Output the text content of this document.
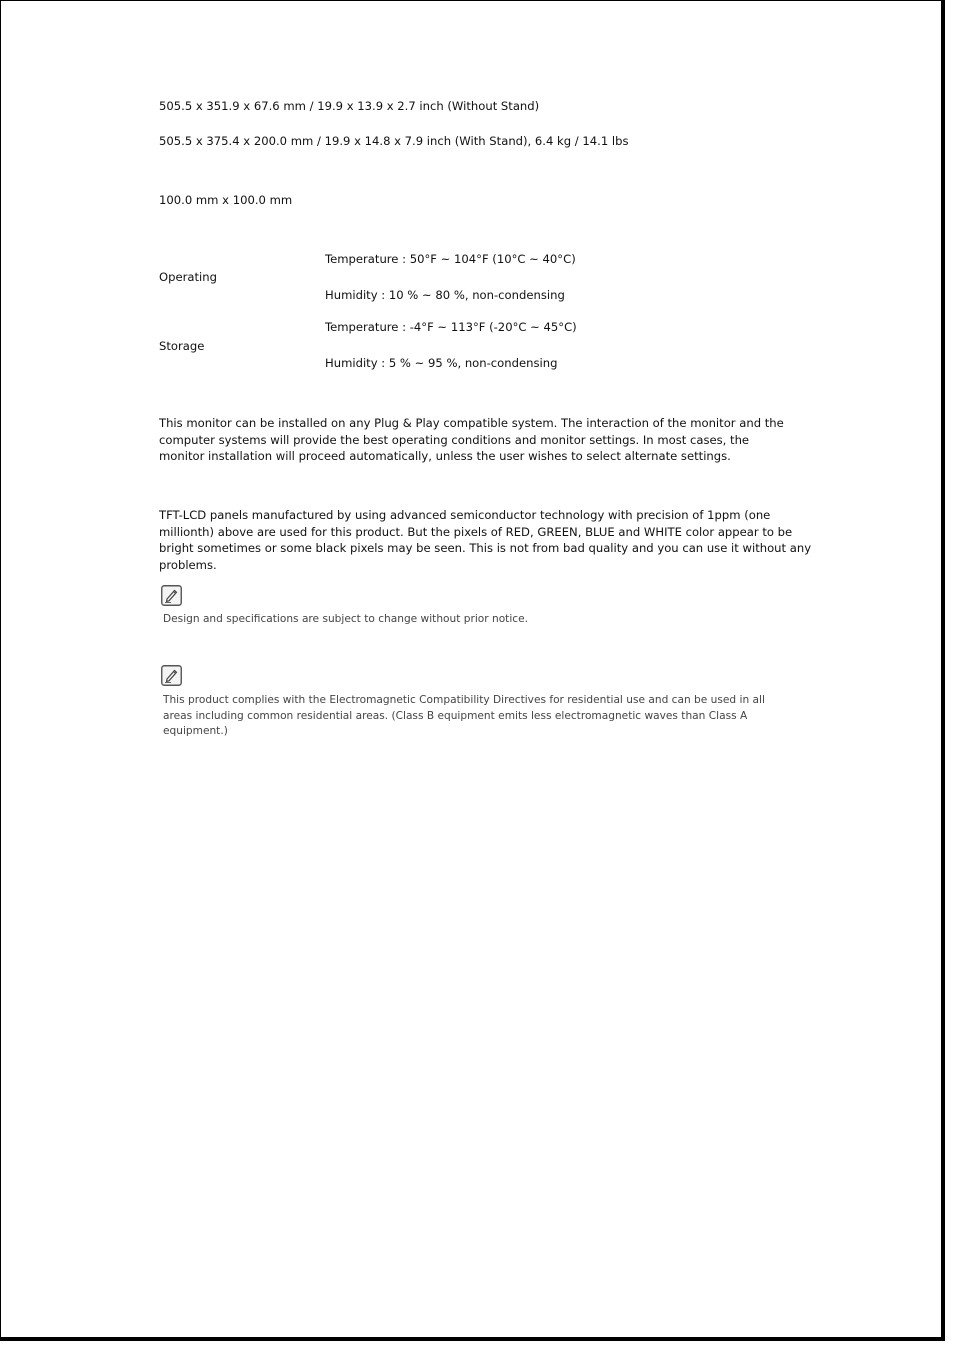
505.5 x 351.9 x 67.6 mm / 19.9 x 13.9 x 2.7 inch (Without Stand)
505.5 x 375.4 x 200.0 mm / 19.9 x 14.8 x 7.9 inch (With Stand), 6.4 kg / 14.1 lbs
100.0 mm x 100.0 mm
Temperature : 50°F ~ 104°F (10°C ~ 40°C)
Operating
Humidity : 10 % ~ 80 %, non-condensing
Temperature : -4°F ~ 113°F (-20°C ~ 45°C)
Storage
Humidity : 5 % ~ 95 %, non-condensing
This monitor can be installed on any Plug & Play compatible system. The interaction of the monitor and the computer systems will provide the best operating conditions and monitor settings. In most cases, the monitor installation will proceed automatically, unless the user wishes to select alternate settings.
TFT-LCD panels manufactured by using advanced semiconductor technology with precision of 1ppm (one millionth) above are used for this product. But the pixels of RED, GREEN, BLUE and WHITE color appear to be bright sometimes or some black pixels may be seen. This is not from bad quality and you can use it without any problems.
Design and specifications are subject to change without prior notice.
This product complies with the Electromagnetic Compatibility Directives for residential use and can be used in all areas including common residential areas. (Class B equipment emits less electromagnetic waves than Class A equipment.)
